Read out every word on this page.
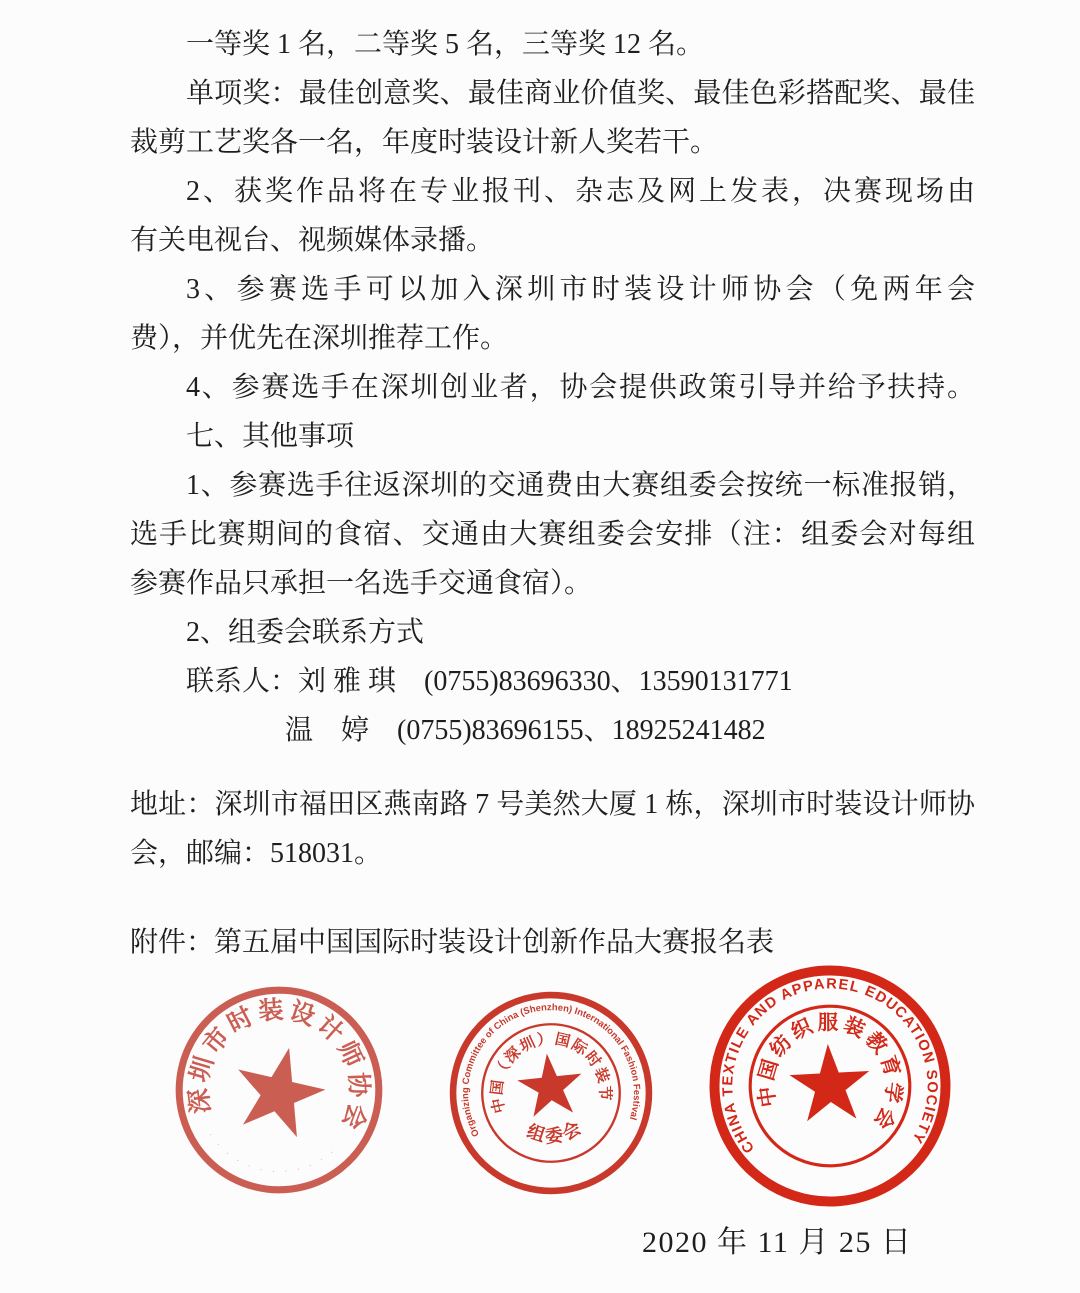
一等奖 1 名，二等奖 5 名，三等奖 12 名。
单项奖：最佳创意奖、最佳商业价值奖、最佳色彩搭配奖、最佳
裁剪工艺奖各一名，年度时装设计新人奖若干。
2、获奖作品将在专业报刊、杂志及网上发表，决赛现场由
有关电视台、视频媒体录播。
3、参赛选手可以加入深圳市时装设计师协会（免两年会
费），并优先在深圳推荐工作。
4、参赛选手在深圳创业者，协会提供政策引导并给予扶持。
七、其他事项
1、参赛选手往返深圳的交通费由大赛组委会按统一标准报销，
选手比赛期间的食宿、交通由大赛组委会安排（注：组委会对每组
参赛作品只承担一名选手交通食宿）。
2、组委会联系方式
联系人：刘 雅 琪　(0755)83696330、13590131771
温　婷　(0755)83696155、18925241482
地址：深圳市福田区燕南路 7 号美然大厦 1 栋，深圳市时装设计师协
会，邮编：518031。
附件：第五届中国国际时装设计创新作品大赛报名表
深圳市时装设计师协会
· · · · · · · · · · · ·
Organizing Committee of China (Shenzhen) International Fashion Festival
中国（深圳）国际时装节
组委会
CHINA TEXTILE AND APPAREL EDUCATION SOCIETY
中国纺织服装教育学会
2020 年 11 月 25 日
